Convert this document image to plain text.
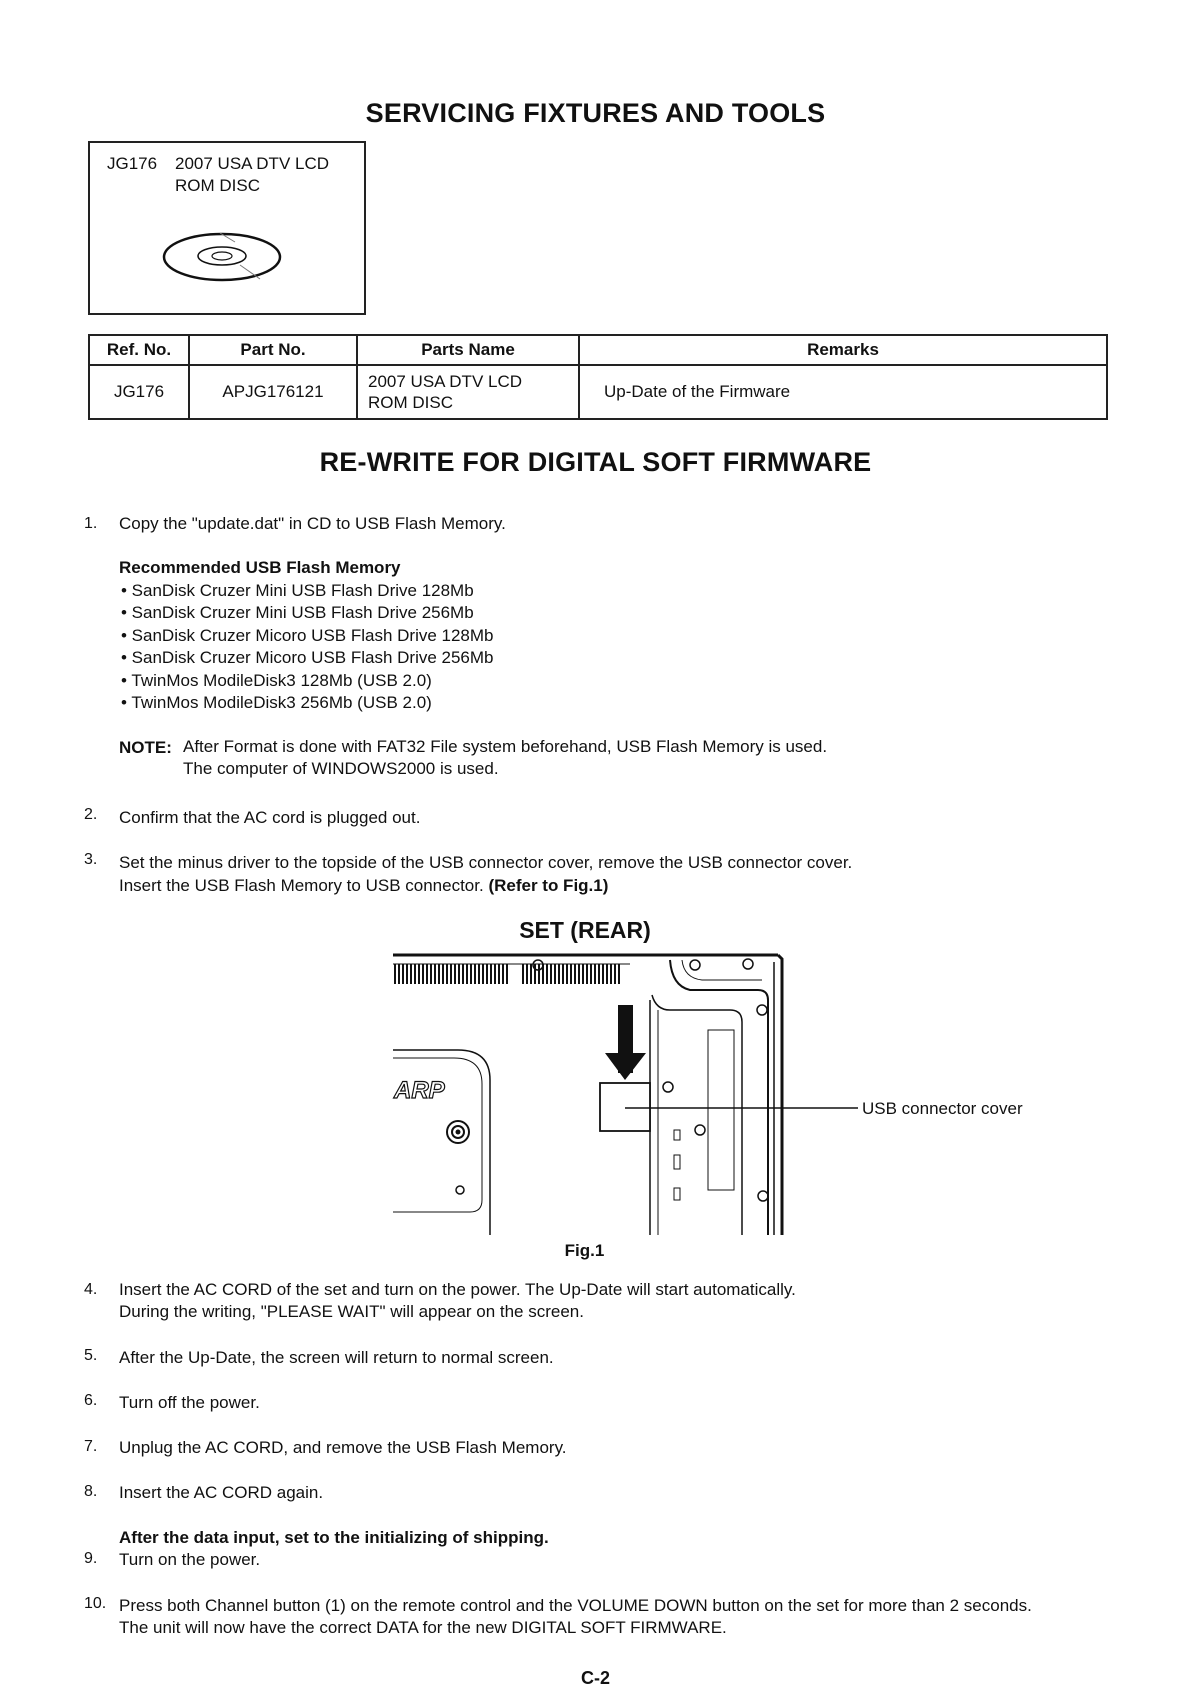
SERVICING FIXTURES AND TOOLS
JG176 2007 USA DTV LCD
ROM DISC
Ref. No.	Part No.	Parts Name	Remarks
JG176	APJG176121	2007 USA DTV LCD
ROM DISC	Up-Date of the Firmware
RE-WRITE FOR DIGITAL SOFT FIRMWARE
1. Copy the "update.dat" in CD to USB Flash Memory.
Recommended USB Flash Memory
• SanDisk Cruzer Mini USB Flash Drive 128Mb
• SanDisk Cruzer Mini USB Flash Drive 256Mb
• SanDisk Cruzer Micoro USB Flash Drive 128Mb
• SanDisk Cruzer Micoro USB Flash Drive 256Mb
• TwinMos ModileDisk3 128Mb (USB 2.0)
• TwinMos ModileDisk3 256Mb (USB 2.0)
NOTE: After Format is done with FAT32 File system beforehand, USB Flash Memory is used.
The computer of WINDOWS2000 is used.
2. Confirm that the AC cord is plugged out.
3. Set the minus driver to the topside of the USB connector cover, remove the USB connector cover.
Insert the USB Flash Memory to USB connector. (Refer to Fig.1)
SET (REAR)
ARP
USB connector cover
Fig.1
4. Insert the AC CORD of the set and turn on the power. The Up-Date will start automatically.
During the writing, "PLEASE WAIT" will appear on the screen.
5. After the Up-Date, the screen will return to normal screen.
6. Turn off the power.
7. Unplug the AC CORD, and remove the USB Flash Memory.
8. Insert the AC CORD again.
After the data input, set to the initializing of shipping.
9. Turn on the power.
10. Press both Channel button (1) on the remote control and the VOLUME DOWN button on the set for more than 2 seconds.
The unit will now have the correct DATA for the new DIGITAL SOFT FIRMWARE.
C-2
